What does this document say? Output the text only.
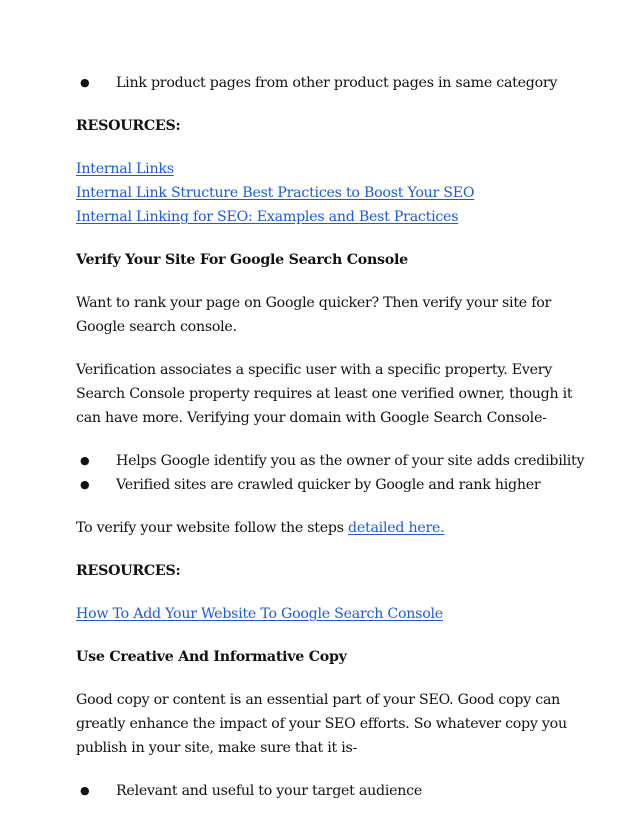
● Link product pages from other product pages in same category

RESOURCES:

Internal Links
Internal Link Structure Best Practices to Boost Your SEO
Internal Linking for SEO: Examples and Best Practices

Verify Your Site For Google Search Console

Want to rank your page on Google quicker? Then verify your site for Google search console.

Verification associates a specific user with a specific property. Every Search Console property requires at least one verified owner, though it can have more. Verifying your domain with Google Search Console-

● Helps Google identify you as the owner of your site adds credibility
● Verified sites are crawled quicker by Google and rank higher

To verify your website follow the steps detailed here.

RESOURCES:

How To Add Your Website To Google Search Console

Use Creative And Informative Copy

Good copy or content is an essential part of your SEO. Good copy can greatly enhance the impact of your SEO efforts. So whatever copy you publish in your site, make sure that it is-

● Relevant and useful to your target audience
